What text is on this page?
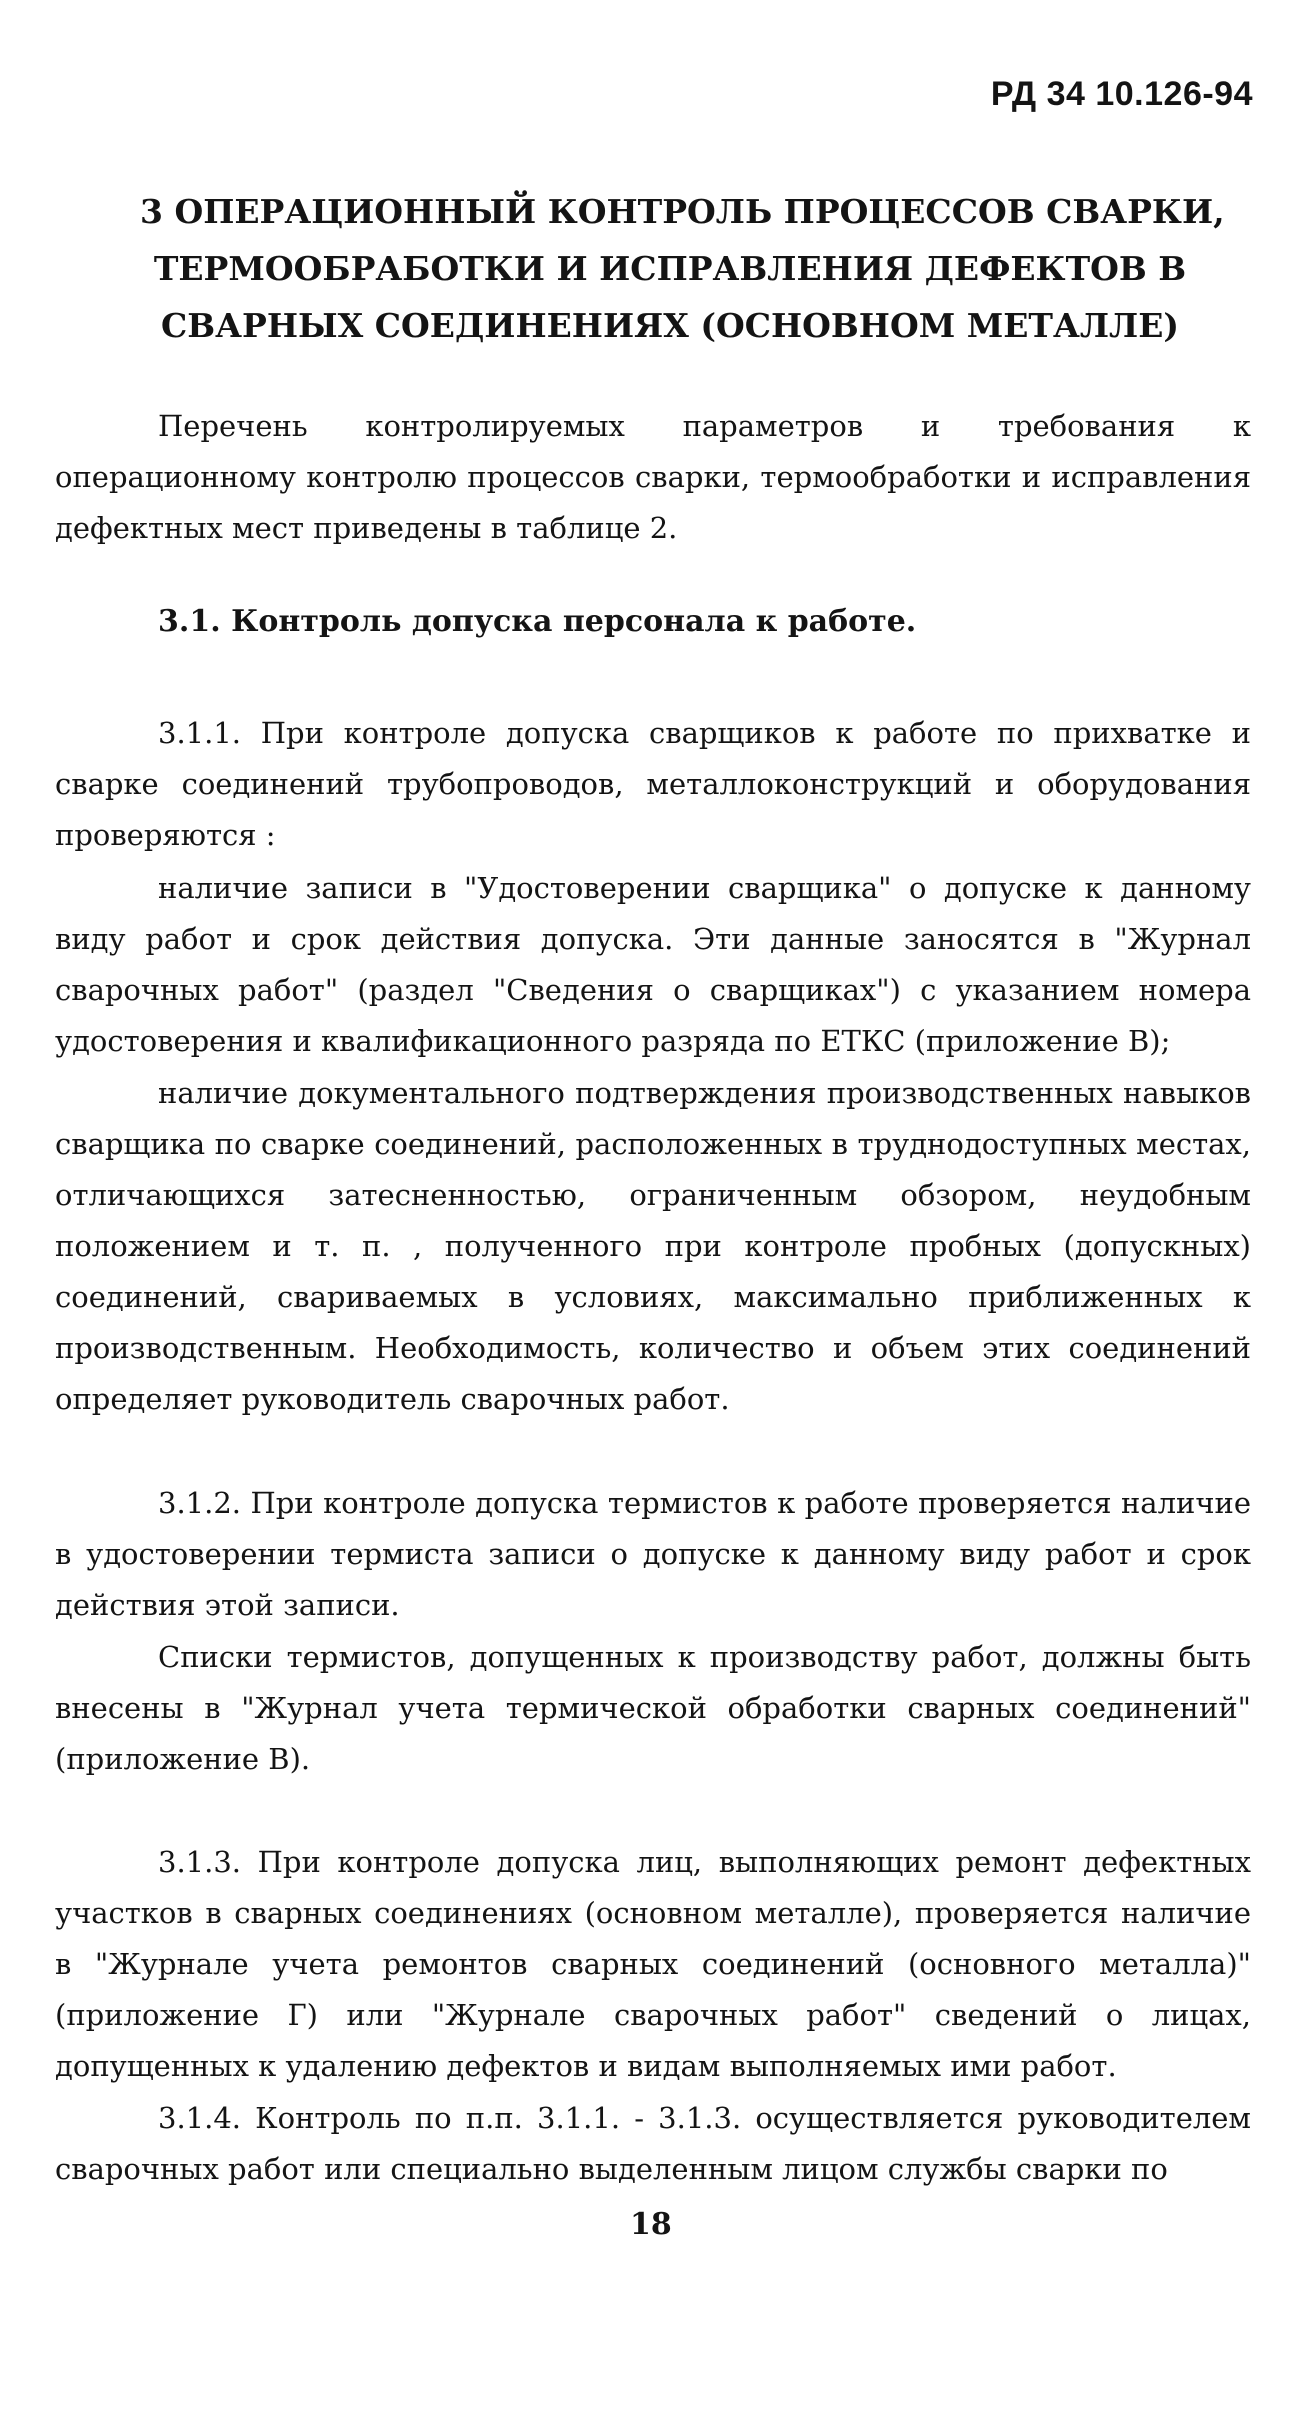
РД 34 10.126-94
3 ОПЕРАЦИОННЫЙ КОНТРОЛЬ ПРОЦЕССОВ СВАРКИ,
ТЕРМООБРАБОТКИ И ИСПРАВЛЕНИЯ ДЕФЕКТОВ В
СВАРНЫХ СОЕДИНЕНИЯХ (ОСНОВНОМ МЕТАЛЛЕ)
Перечень контролируемых параметров и требования к операционному контролю процессов сварки, термообработки и исправления дефектных мест приведены в таблице 2.
3.1. Контроль допуска персонала к работе.
3.1.1. При контроле допуска сварщиков к работе по прихватке и сварке соединений трубопроводов, металлоконструкций и оборудования проверяются :
наличие записи в "Удостоверении сварщика" о допуске к данному виду работ и срок действия допуска. Эти данные заносятся в "Журнал сварочных работ" (раздел "Сведения о сварщиках") с указанием номера удостоверения и квалификационного разряда по ЕТКС (приложение В);
наличие документального подтверждения производственных навыков сварщика по сварке соединений, расположенных в труднодоступных местах, отличающихся затесненностью, ограниченным обзором, неудобным положением и т. п. , полученного при контроле пробных (допускных) соединений, свариваемых в условиях, максимально приближенных к производственным. Необходимость, количество и объем этих соединений определяет руководитель сварочных работ.
3.1.2. При контроле допуска термистов к работе проверяется наличие в удостоверении термиста записи о допуске к данному виду работ и срок действия этой записи.
Списки термистов, допущенных к производству работ, должны быть внесены в "Журнал учета термической обработки сварных соединений" (приложение В).
3.1.3. При контроле допуска лиц, выполняющих ремонт дефектных участков в сварных соединениях (основном металле), проверяется наличие в "Журнале учета ремонтов сварных соединений (основного металла)" (приложение Г) или "Журнале сварочных работ" сведений о лицах, допущенных к удалению дефектов и видам выполняемых ими работ.
3.1.4. Контроль по п.п. 3.1.1. - 3.1.3. осуществляется руководителем сварочных работ или специально выделенным лицом службы сварки по
18
